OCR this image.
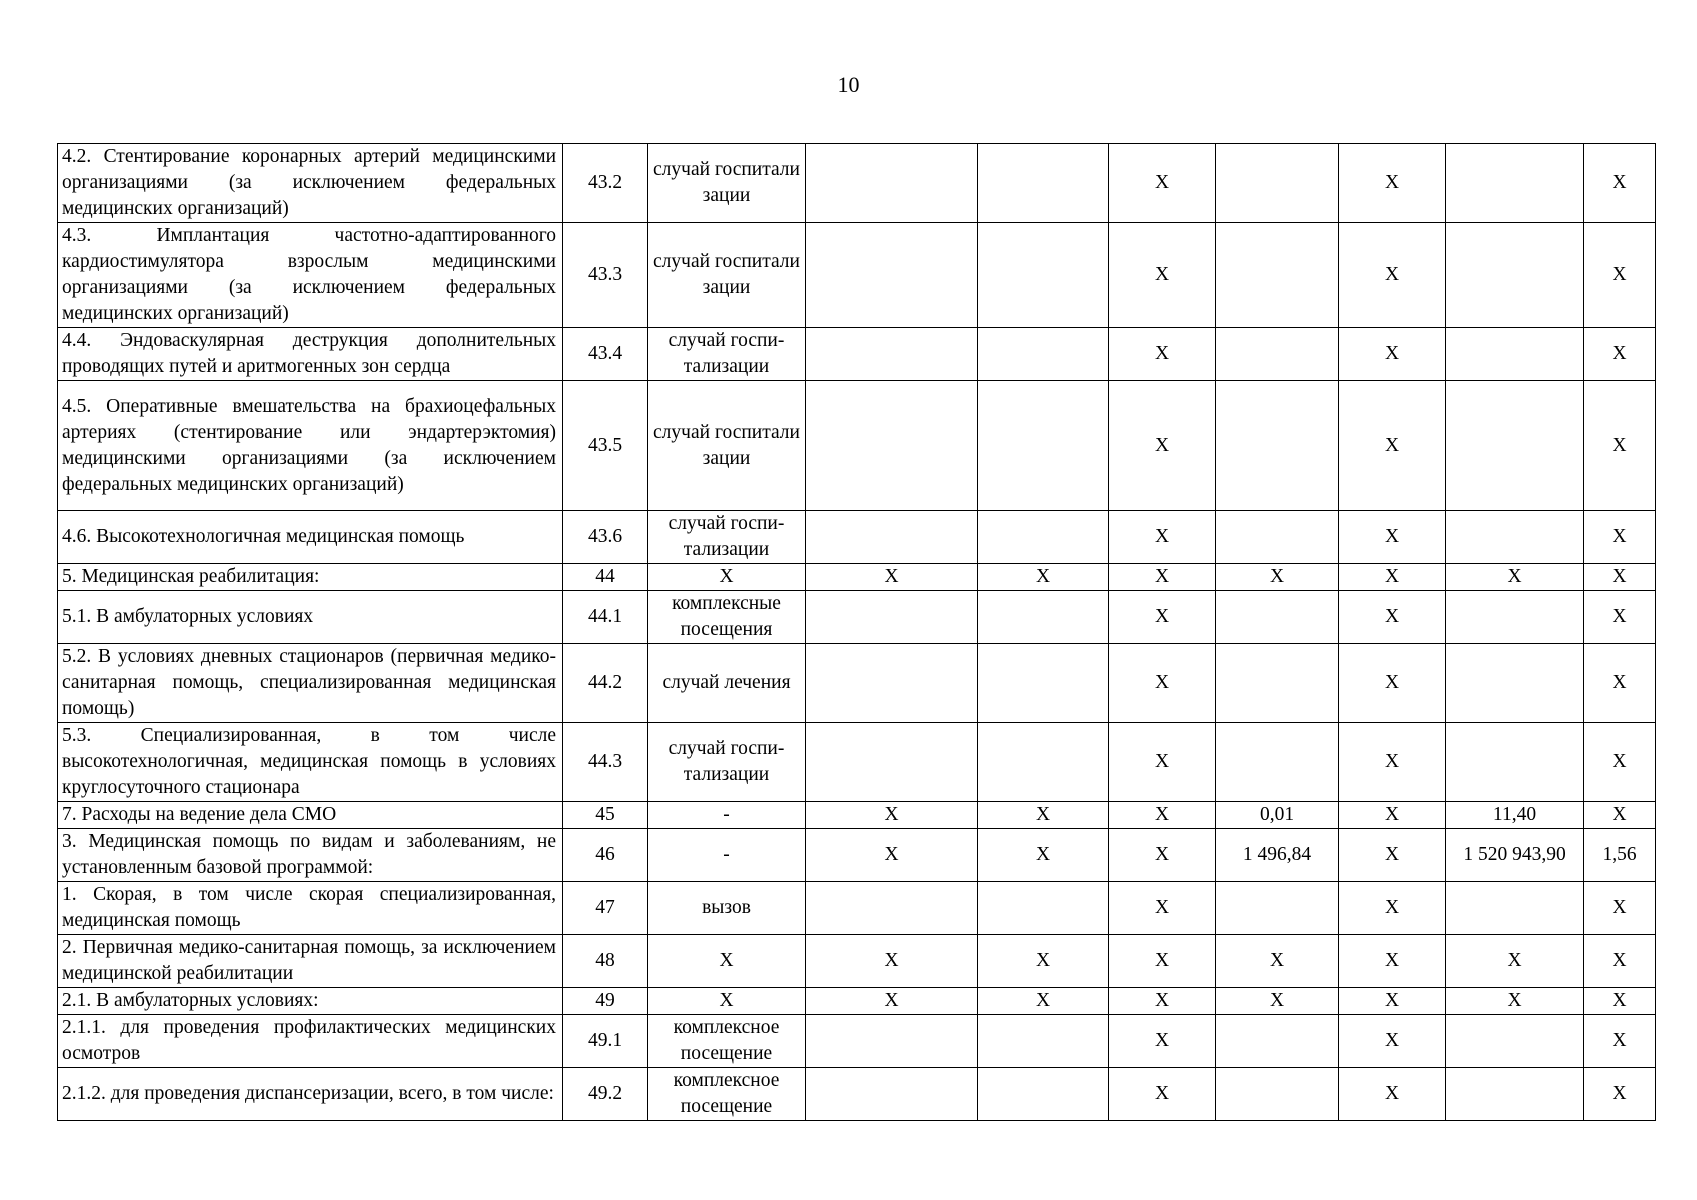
10
4.2. Стентирование коронарных артерий медицинскими организациями (за исключением федеральных медицинских организаций)	43.2	случай госпитали зации			X		X		X
4.3. Имплантация частотно-адаптированного кардиостимулятора взрослым медицинскими организациями (за исключением федеральных медицинских организаций)	43.3	случай госпитали зации			X		X		X
4.4. Эндоваскулярная деструкция дополнительных проводящих путей и аритмогенных зон сердца	43.4	случай госпи-тализации			X		X		X
4.5. Оперативные вмешательства на брахиоцефальных артериях (стентирование или эндартерэктомия) медицинскими организациями (за исключением федеральных медицинских организаций)	43.5	случай госпитали зации			X		X		X
4.6. Высокотехнологичная медицинская помощь	43.6	случай госпи-тализации			X		X		X
5. Медицинская реабилитация:	44	X	X	X	X	X	X	X	X
5.1. В амбулаторных условиях	44.1	комплексные посещения			X		X		X
5.2. В условиях дневных стационаров (первичная медико-санитарная помощь, специализированная медицинская помощь)	44.2	случай лечения			X		X		X
5.3. Специализированная, в том числе высокотехнологичная, медицинская помощь в условиях круглосуточного стационара	44.3	случай госпи-тализации			X		X		X
7. Расходы на ведение дела СМО	45	-	X	X	X	0,01	X	11,40	X
3. Медицинская помощь по видам и заболеваниям, не установленным базовой программой:	46	-	X	X	X	1 496,84	X	1 520 943,90	1,56
1. Скорая, в том числе скорая специализированная, медицинская помощь	47	вызов			X		X		X
2. Первичная медико-санитарная помощь, за исключением медицинской реабилитации	48	X	X	X	X	X	X	X	X
2.1. В амбулаторных условиях:	49	X	X	X	X	X	X	X	X
2.1.1. для проведения профилактических медицинских осмотров	49.1	комплексное посещение			X		X		X
2.1.2. для проведения диспансеризации, всего, в том числе:	49.2	комплексное посещение			X		X		X
